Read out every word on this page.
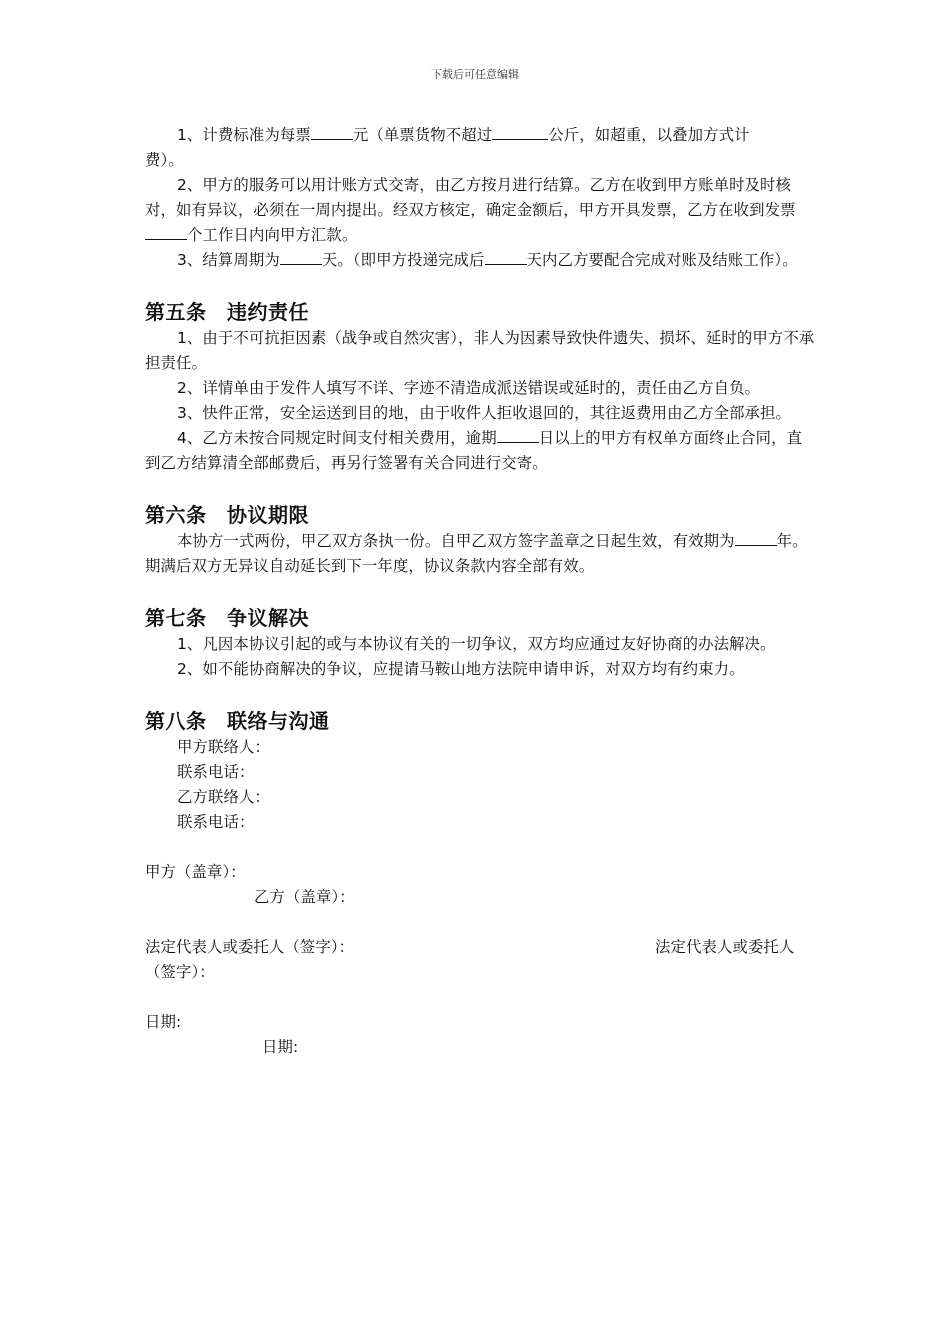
下载后可任意编辑

1、计费标准为每票	元（单票货物不超过	公斤，如超重，以叠加方式计
费）。

2、甲方的服务可以用计账方式交寄，由乙方按月进行结算。乙方在收到甲方账单时及时核对，如有异议，必须在一周内提出。经双方核定，确定金额后，甲方开具发票，乙方在收到发票个工作日内向甲方汇款。

3、结算周期为	天。（即甲方投递完成后	天内乙方要配合完成对账及结账工作）。

第五条　违约责任

1、由于不可抗拒因素（战争或自然灾害），非人为因素导致快件遗失、损坏、延时的甲方不承担责任。

2、详情单由于发件人填写不详、字迹不清造成派送错误或延时的，责任由乙方自负。

3、快件正常，安全运送到目的地，由于收件人拒收退回的，其往返费用由乙方全部承担。

4、乙方未按合同规定时间支付相关费用，逾期	日以上的甲方有权单方面终止合同，直到乙方结算清全部邮费后，再另行签署有关合同进行交寄。

第六条　协议期限

本协方一式两份，甲乙双方条执一份。自甲乙双方签字盖章之日起生效，有效期为	年。期满后双方无异议自动延长到下一年度，协议条款内容全部有效。

第七条　争议解决

1、凡因本协议引起的或与本协议有关的一切争议，双方均应通过友好协商的办法解决。

2、如不能协商解决的争议，应提请马鞍山地方法院申请申诉，对双方均有约束力。

第八条　联络与沟通

甲方联络人：

联系电话：

乙方联络人：

联系电话：

甲方（盖章）：

乙方（盖章）：

法定代表人或委托人（签字）：	法定代表人或委托人

（签字）：

日期:

日期:
